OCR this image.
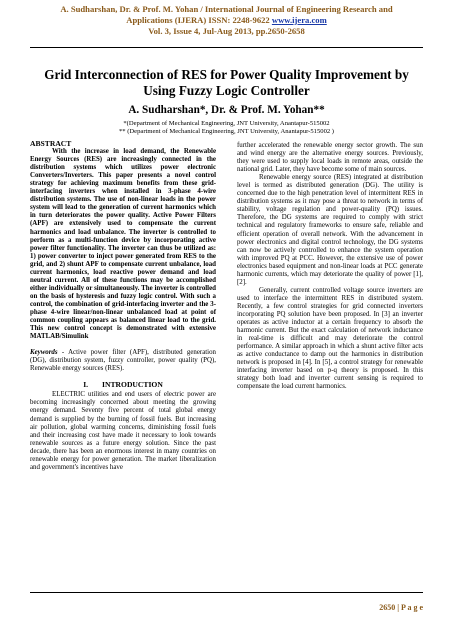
A. Sudharshan, Dr. & Prof. M. Yohan / International Journal of Engineering Research and
Applications (IJERA) ISSN: 2248-9622 www.ijera.com
Vol. 3, Issue 4, Jul-Aug 2013, pp.2650-2658
Grid Interconnection of RES for Power Quality Improvement by
Using Fuzzy Logic Controller
A. Sudharshan*, Dr. & Prof. M. Yohan**
*(Department of Mechanical Engineering, JNT University, Anantapur-515002
** (Department of Mechanical Engineering, JNT University, Anantapur-515002 )

ABSTRACT

With the increase in load demand, the Renewable Energy Sources (RES) are increasingly connected in the distribution systems which utilizes power electronic Converters/Inverters. This paper presents a novel control strategy for achieving maximum benefits from these grid-interfacing inverters when installed in 3-phase 4-wire distribution systems. The use of non-linear loads in the power system will lead to the generation of current harmonics which in turn deteriorates the power quality. Active Power Filters (APF) are extensively used to compensate the current harmonics and load unbalance. The inverter is controlled to perform as a multi-function device by incorporating active power filter functionality. The inverter can thus be utilized as: 1) power converter to inject power generated from RES to the grid, and 2) shunt APF to compensate current unbalance, load current harmonics, load reactive power demand and load neutral current. All of these functions may be accomplished either individually or simultaneously. The inverter is controlled on the basis of hysteresis and fuzzy logic control. With such a control, the combination of grid-interfacing inverter and the 3-phase 4-wire linear/non-linear unbalanced load at point of common coupling appears as balanced linear load to the grid. This new control concept is demonstrated with extensive MATLAB/Simulink

Keywords - Active power filter (APF), distributed generation (DG), distribution system, fuzzy controller, power quality (PQ), Renewable energy sources (RES).

I. INTRODUCTION

ELECTRIC utilities and end users of electric power are becoming increasingly concerned about meeting the growing energy demand. Seventy five percent of total global energy demand is supplied by the burning of fossil fuels. But increasing air pollution, global warming concerns, diminishing fossil fuels and their increasing cost have made it necessary to look towards renewable sources as a future energy solution. Since the past decade, there has been an enormous interest in many countries on renewable energy for power generation. The market liberalization and government's incentives have

further accelerated the renewable energy sector growth. The sun and wind energy are the alternative energy sources. Previously, they were used to supply local loads in remote areas, outside the national grid. Later, they have become some of main sources.

Renewable energy source (RES) integrated at distribution level is termed as distributed generation (DG). The utility is concerned due to the high penetration level of intermittent RES in distribution systems as it may pose a threat to network in terms of stability, voltage regulation and power-quality (PQ) issues. Therefore, the DG systems are required to comply with strict technical and regulatory frameworks to ensure safe, reliable and efficient operation of overall network. With the advancement in power electronics and digital control technology, the DG systems can now be actively controlled to enhance the system operation with improved PQ at PCC. However, the extensive use of power electronics based equipment and non-linear loads at PCC generate harmonic currents, which may deteriorate the quality of power [1], [2].

Generally, current controlled voltage source inverters are used to interface the intermittent RES in distributed system. Recently, a few control strategies for grid connected inverters incorporating PQ solution have been proposed. In [3] an inverter operates as active inductor at a certain frequency to absorb the harmonic current. But the exact calculation of network inductance in real-time is difficult and may deteriorate the control performance. A similar approach in which a shunt active filter acts as active conductance to damp out the harmonics in distribution network is proposed in [4]. In [5], a control strategy for renewable interfacing inverter based on p-q theory is proposed. In this strategy both load and inverter current sensing is required to compensate the load current harmonics.

2650 | P a g e
